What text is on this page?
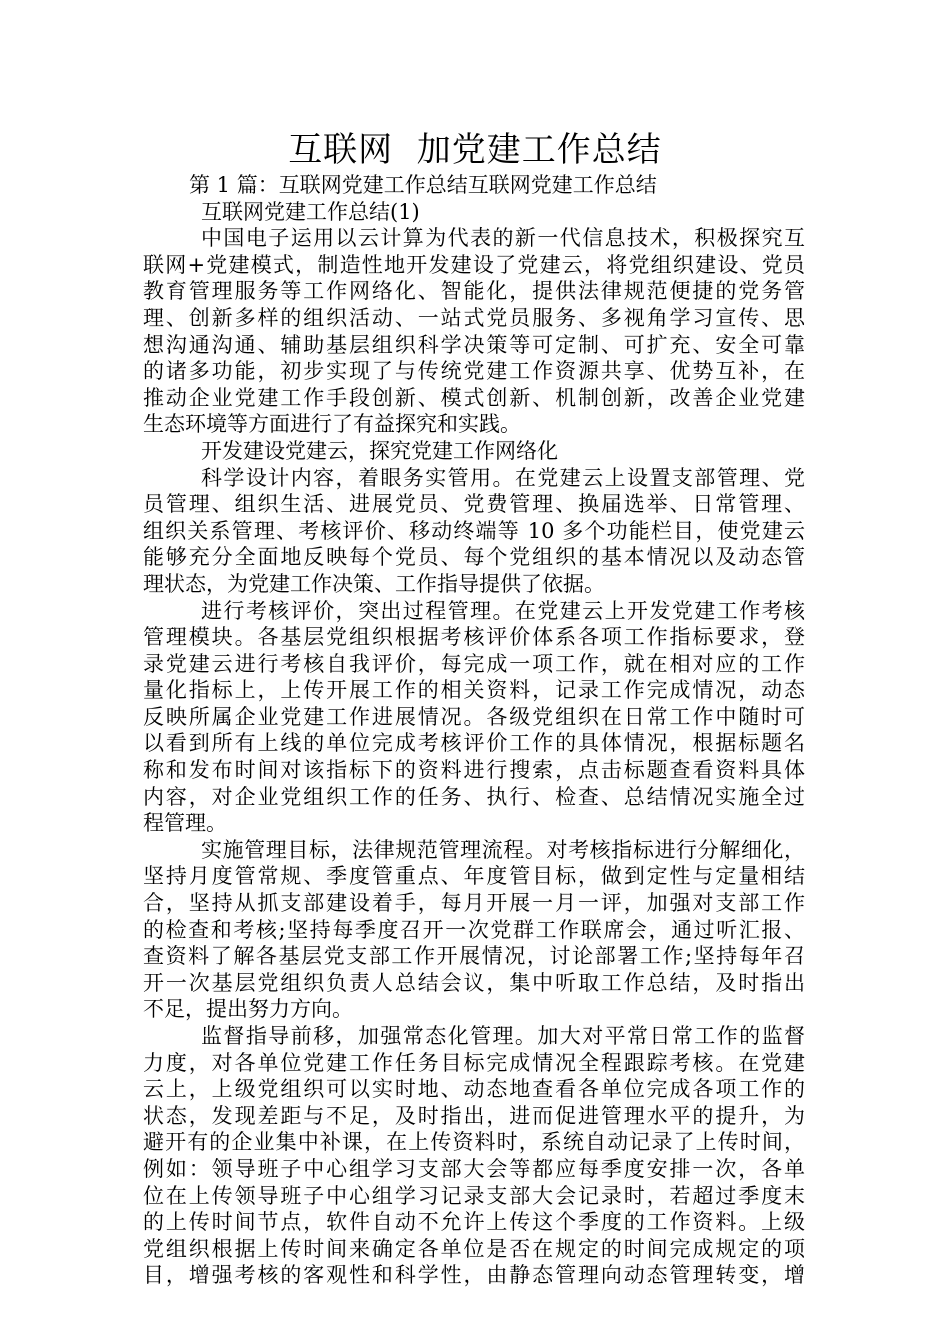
互联网  加党建工作总结
第 1 篇：互联网党建工作总结互联网党建工作总结
互联网党建工作总结(1)
中国电子运用以云计算为代表的新一代信息技术，积极探究互
联网+党建模式，制造性地开发建设了党建云，将党组织建设、党员
教育管理服务等工作网络化、智能化，提供法律规范便捷的党务管
理、创新多样的组织活动、一站式党员服务、多视角学习宣传、思
想沟通沟通、辅助基层组织科学决策等可定制、可扩充、安全可靠
的诸多功能，初步实现了与传统党建工作资源共享、优势互补，在
推动企业党建工作手段创新、模式创新、机制创新，改善企业党建
生态环境等方面进行了有益探究和实践。
开发建设党建云，探究党建工作网络化
科学设计内容，着眼务实管用。在党建云上设置支部管理、党
员管理、组织生活、进展党员、党费管理、换届选举、日常管理、
组织关系管理、考核评价、移动终端等 10 多个功能栏目，使党建云
能够充分全面地反映每个党员、每个党组织的基本情况以及动态管
理状态，为党建工作决策、工作指导提供了依据。
进行考核评价，突出过程管理。在党建云上开发党建工作考核
管理模块。各基层党组织根据考核评价体系各项工作指标要求，登
录党建云进行考核自我评价，每完成一项工作，就在相对应的工作
量化指标上，上传开展工作的相关资料，记录工作完成情况，动态
反映所属企业党建工作进展情况。各级党组织在日常工作中随时可
以看到所有上线的单位完成考核评价工作的具体情况，根据标题名
称和发布时间对该指标下的资料进行搜索，点击标题查看资料具体
内容，对企业党组织工作的任务、执行、检查、总结情况实施全过
程管理。
实施管理目标，法律规范管理流程。对考核指标进行分解细化，
坚持月度管常规、季度管重点、年度管目标，做到定性与定量相结
合，坚持从抓支部建设着手，每月开展一月一评，加强对支部工作
的检查和考核;坚持每季度召开一次党群工作联席会，通过听汇报、
查资料了解各基层党支部工作开展情况，讨论部署工作;坚持每年召
开一次基层党组织负责人总结会议，集中听取工作总结，及时指出
不足，提出努力方向。
监督指导前移，加强常态化管理。加大对平常日常工作的监督
力度，对各单位党建工作任务目标完成情况全程跟踪考核。在党建
云上，上级党组织可以实时地、动态地查看各单位完成各项工作的
状态，发现差距与不足，及时指出，进而促进管理水平的提升，为
避开有的企业集中补课，在上传资料时，系统自动记录了上传时间，
例如：领导班子中心组学习支部大会等都应每季度安排一次，各单
位在上传领导班子中心组学习记录支部大会记录时，若超过季度末
的上传时间节点，软件自动不允许上传这个季度的工作资料。上级
党组织根据上传时间来确定各单位是否在规定的时间完成规定的项
目，增强考核的客观性和科学性，由静态管理向动态管理转变，增
